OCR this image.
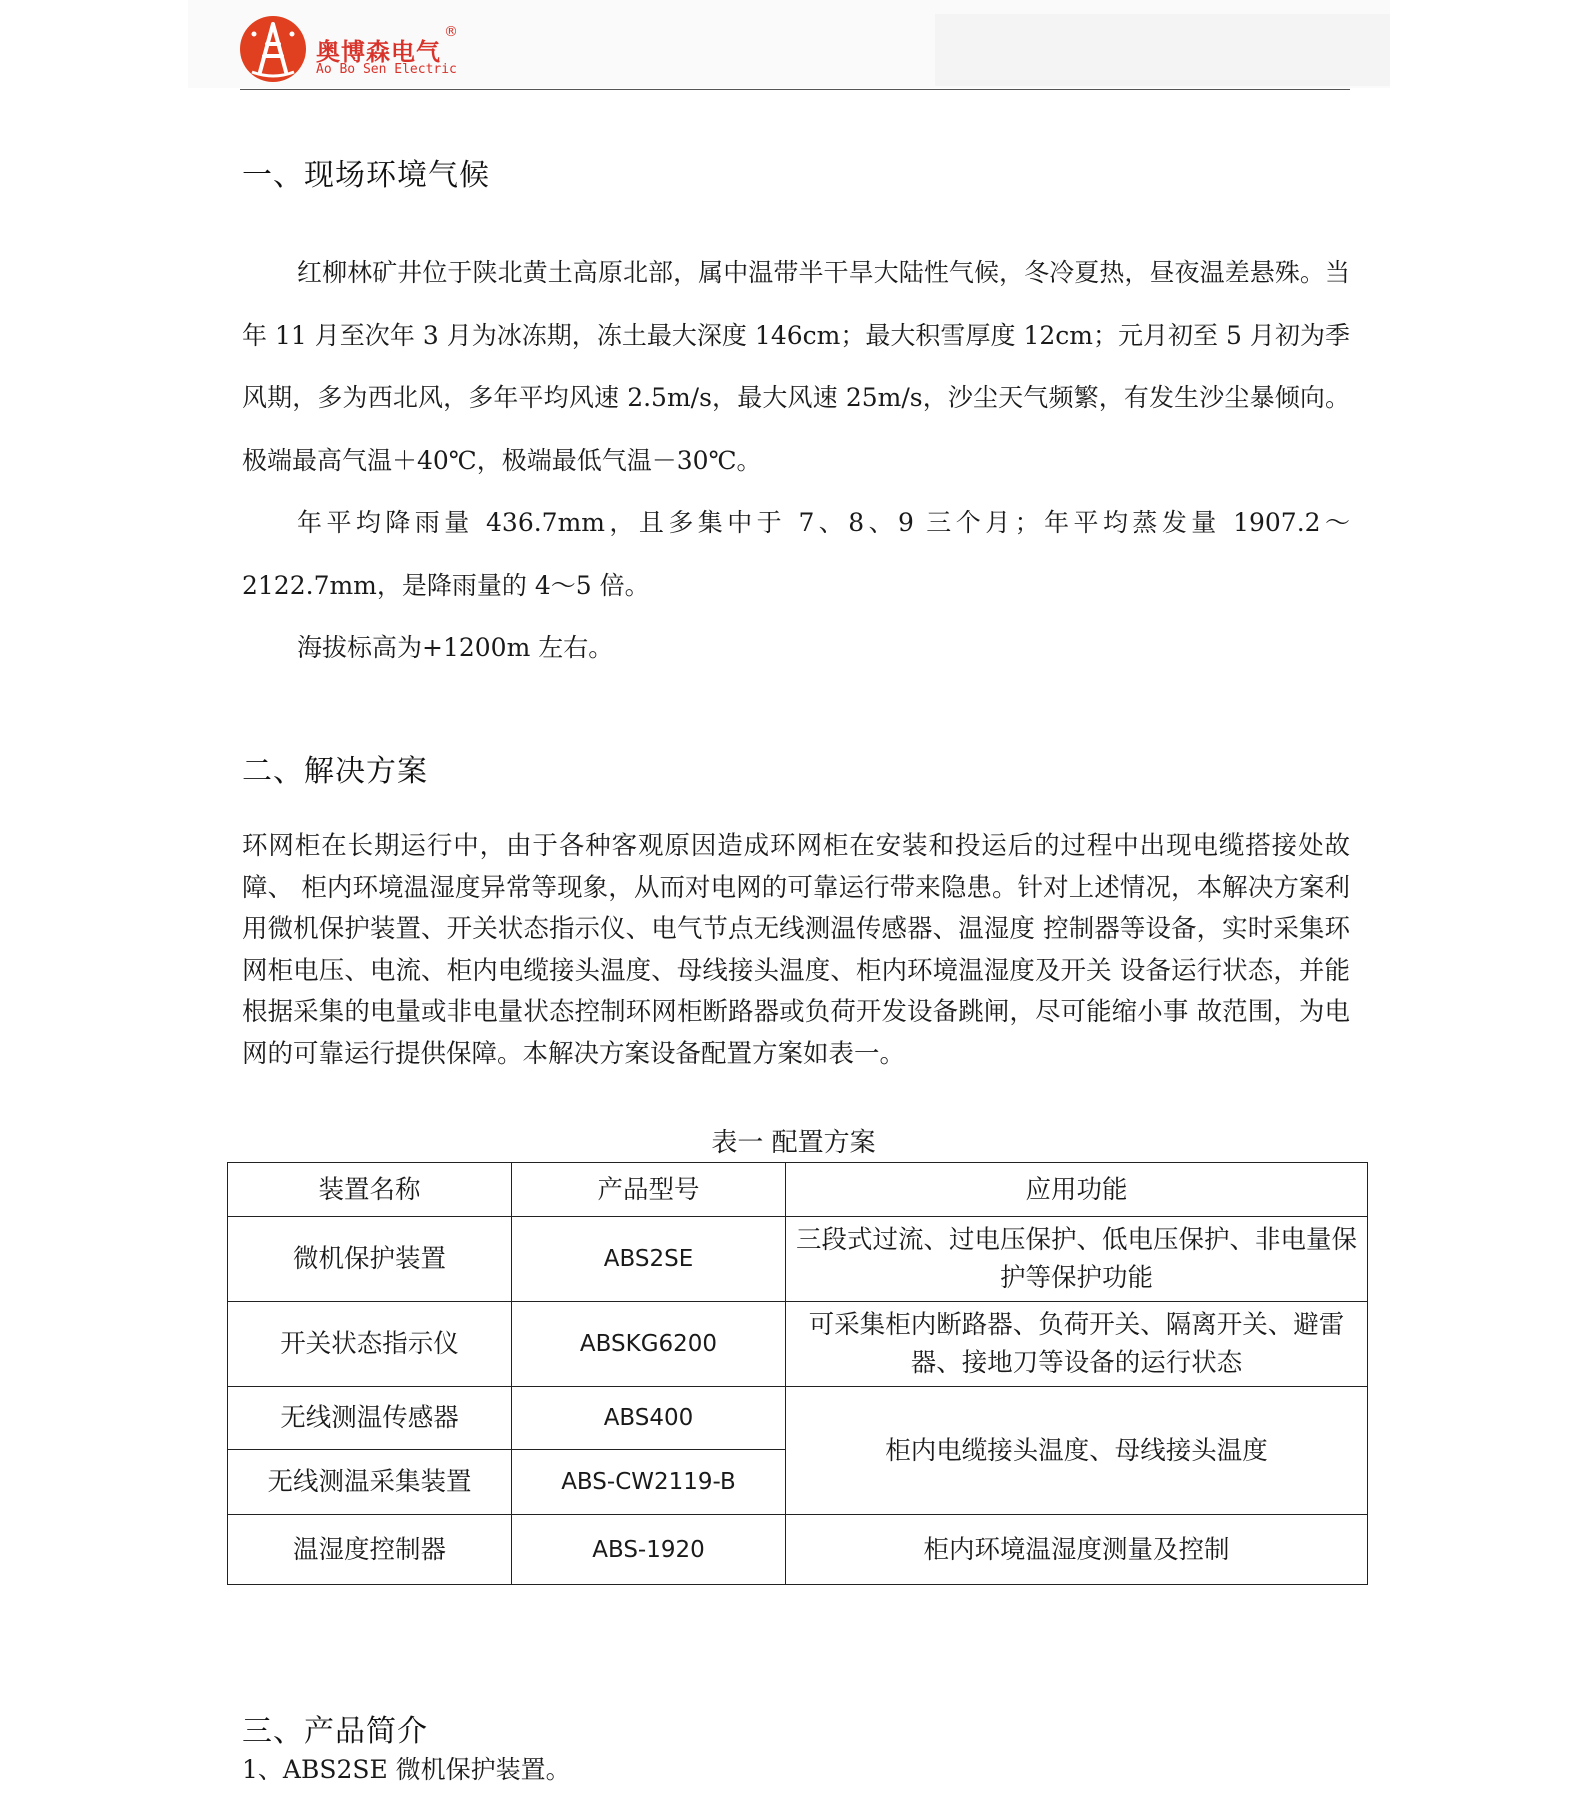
奥博森电气
®
Ao Bo Sen Electric
一、现场环境气候
红柳林矿井位于陕北黄土高原北部，属中温带半干旱大陆性气候，冬冷夏热，昼夜温差悬殊。当年 11 月至次年 3 月为冰冻期，冻土最大深度 146cm；最大积雪厚度 12cm；元月初至 5 月初为季风期，多为西北风，多年平均风速 2.5m/s，最大风速 25m/s，沙尘天气频繁，有发生沙尘暴倾向。极端最高气温＋40℃，极端最低气温－30℃。
年平均降雨量 436.7mm，且多集中于 7、8、9 三个月；年平均蒸发量 1907.2～2122.7mm，是降雨量的 4～5 倍。
海拔标高为+1200m 左右。
二、解决方案
环网柜在长期运行中，由于各种客观原因造成环网柜在安装和投运后的过程中出现电缆搭接处故障、 柜内环境温湿度异常等现象，从而对电网的可靠运行带来隐患。针对上述情况，本解决方案利用微机保护装置、开关状态指示仪、电气节点无线测温传感器、温湿度 控制器等设备，实时采集环网柜电压、电流、柜内电缆接头温度、母线接头温度、柜内环境温湿度及开关 设备运行状态，并能根据采集的电量或非电量状态控制环网柜断路器或负荷开发设备跳闸，尽可能缩小事 故范围，为电网的可靠运行提供保障。本解决方案设备配置方案如表一。
表一 配置方案
装置名称	产品型号	应用功能
微机保护装置	ABS2SE	三段式过流、过电压保护、低电压保护、非电量保护等保护功能
开关状态指示仪	ABSKG6200	可采集柜内断路器、负荷开关、隔离开关、避雷器、接地刀等设备的运行状态
无线测温传感器	ABS400	柜内电缆接头温度、母线接头温度
无线测温采集装置	ABS-CW2119-B	
温湿度控制器	ABS-1920	柜内环境温湿度测量及控制
三、产品简介
1、ABS2SE 微机保护装置。
